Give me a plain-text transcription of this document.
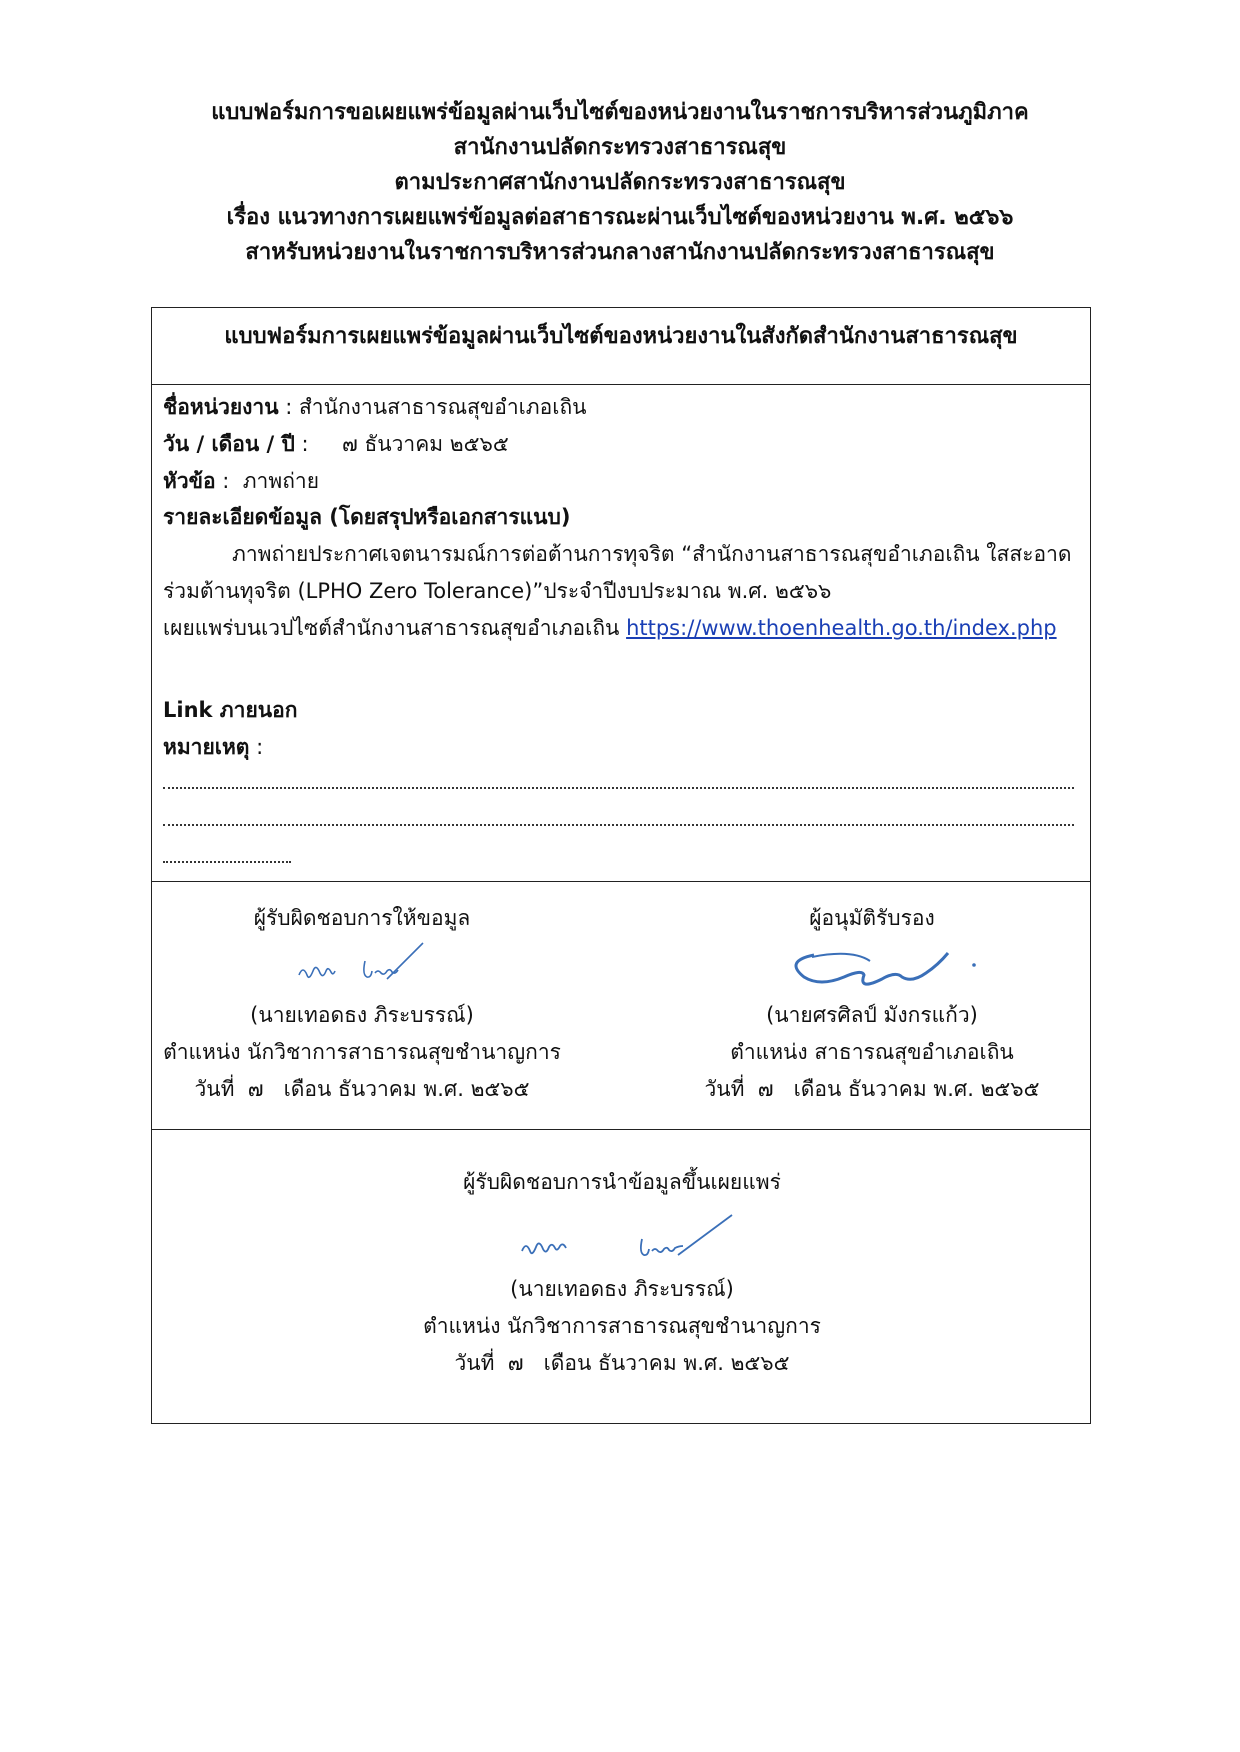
แบบฟอร์มการขอเผยแพร่ข้อมูลผ่านเว็บไซต์ของหน่วยงานในราชการบริหารส่วนภูมิภาค
สานักงานปลัดกระทรวงสาธารณสุข
ตามประกาศสานักงานปลัดกระทรวงสาธารณสุข
เรื่อง แนวทางการเผยแพร่ข้อมูลต่อสาธารณะผ่านเว็บไซต์ของหน่วยงาน พ.ศ. ๒๕๖๖
สาหรับหน่วยงานในราชการบริหารส่วนกลางสานักงานปลัดกระทรวงสาธารณสุข
แบบฟอร์มการเผยแพร่ข้อมูลผ่านเว็บไซต์ของหน่วยงานในสังกัดสำนักงานสาธารณสุข
ชื่อหน่วยงาน : สำนักงานสาธารณสุขอำเภอเถิน
วัน / เดือน / ปี :     ๗ ธันวาคม ๒๕๖๕
หัวข้อ :  ภาพถ่าย
รายละเอียดข้อมูล (โดยสรุปหรือเอกสารแนบ)
ภาพถ่ายประกาศเจตนารมณ์การต่อต้านการทุจริต “สำนักงานสาธารณสุขอำเภอเถิน ใสสะอาด
ร่วมต้านทุจริต (LPHO Zero Tolerance)”ประจำปีงบประมาณ พ.ศ. ๒๕๖๖
เผยแพร่บนเวปไซต์สำนักงานสาธารณสุขอำเภอเถิน https://www.thoenhealth.go.th/index.php
Link ภายนอก
หมายเหตุ :
ผู้รับผิดชอบการให้ขอมูล
(นายเทอดธง ภิระบรรณ์)
ตำแหน่ง นักวิชาการสาธารณสุขชำนาญการ
วันที่  ๗   เดือน ธันวาคม พ.ศ. ๒๕๖๕
ผู้อนุมัติรับรอง
(นายศรศิลป์ มังกรแก้ว)
ตำแหน่ง สาธารณสุขอำเภอเถิน
วันที่  ๗   เดือน ธันวาคม พ.ศ. ๒๕๖๕
ผู้รับผิดชอบการนำข้อมูลขึ้นเผยแพร่
(นายเทอดธง ภิระบรรณ์)
ตำแหน่ง นักวิชาการสาธารณสุขชำนาญการ
วันที่  ๗   เดือน ธันวาคม พ.ศ. ๒๕๖๕
